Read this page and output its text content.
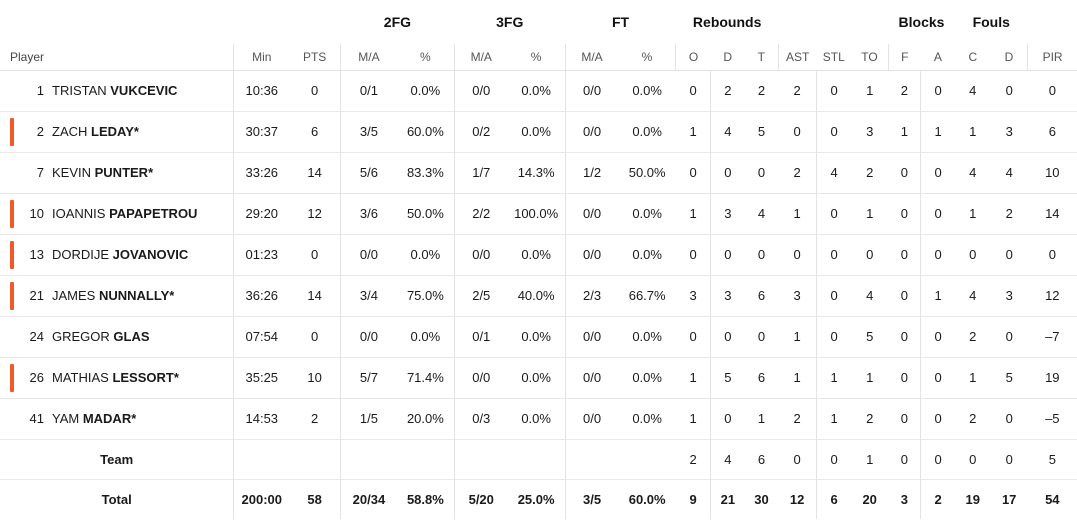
			2FG		3FG		FT		Rebounds						Blocks		Fouls		
Player	Min	PTS	M/A	%	M/A	%	M/A	%	O	D	T	AST	STL	TO	F	A	C	D	PIR

1 TRISTAN VUKCEVIC	10:36	0	0/1	0.0%	0/0	0.0%	0/0	0.0%	0	2	2	2	0	1	2	0	4	0	0

2 ZACH LEDAY*	30:37	6	3/5	60.0%	0/2	0.0%	0/0	0.0%	1	4	5	0	0	3	1	1	1	3	6

7 KEVIN PUNTER*	33:26	14	5/6	83.3%	1/7	14.3%	1/2	50.0%	0	0	0	2	4	2	0	0	4	4	10

10 IOANNIS PAPAPETROU	29:20	12	3/6	50.0%	2/2	100.0%	0/0	0.0%	1	3	4	1	0	1	0	0	1	2	14

13 DORDIJE JOVANOVIC	01:23	0	0/0	0.0%	0/0	0.0%	0/0	0.0%	0	0	0	0	0	0	0	0	0	0	0

21 JAMES NUNNALLY*	36:26	14	3/4	75.0%	2/5	40.0%	2/3	66.7%	3	3	6	3	0	4	0	1	4	3	12

24 GREGOR GLAS	07:54	0	0/0	0.0%	0/1	0.0%	0/0	0.0%	0	0	0	1	0	5	0	0	2	0	–7

26 MATHIAS LESSORT*	35:25	10	5/7	71.4%	0/0	0.0%	0/0	0.0%	1	5	6	1	1	1	0	0	1	5	19

41 YAM MADAR*	14:53	2	1/5	20.0%	0/3	0.0%	0/0	0.0%	1	0	1	2	1	2	0	0	2	0	–5
Team									2	4	6	0	0	1	0	0	0	0	5
Total	200:00	58	20/34	58.8%	5/20	25.0%	3/5	60.0%	9	21	30	12	6	20	3	2	19	17	54
